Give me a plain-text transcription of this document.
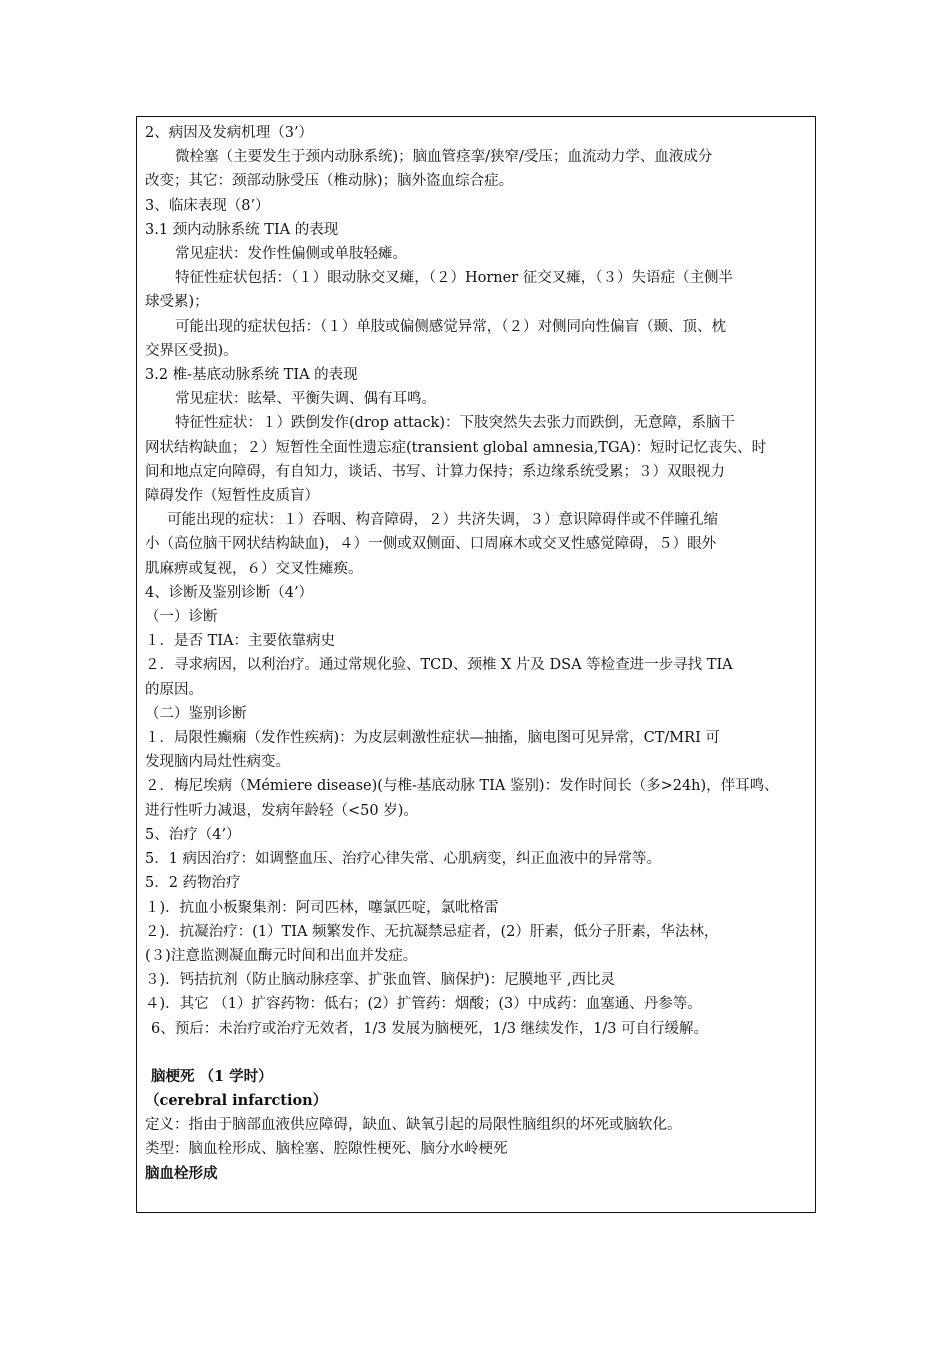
2、病因及发病机理（3’）
微栓塞（主要发生于颈内动脉系统)；脑血管痉挛/狭窄/受压；血流动力学、血液成分
改变；其它：颈部动脉受压（椎动脉)；脑外盗血综合症。
3、临床表现（8’）
3.1 颈内动脉系统 TIA 的表现
常见症状：发作性偏侧或单肢轻瘫。
特征性症状包括：（１）眼动脉交叉瘫，（２）Horner 征交叉瘫，（３）失语症（主侧半
球受累)；
可能出现的症状包括：（１）单肢或偏侧感觉异常，（２）对侧同向性偏盲（颞、顶、枕
交界区受损)。
3.2 椎-基底动脉系统 TIA 的表现
常见症状：眩晕、平衡失调、偶有耳鸣。
特征性症状：１）跌倒发作(drop attack)：下肢突然失去张力而跌倒，无意障，系脑干
网状结构缺血；２）短暂性全面性遗忘症(transient global amnesia,TGA)：短时记忆丧失、时
间和地点定向障碍，有自知力，谈话、书写、计算力保持；系边缘系统受累；３）双眼视力
障碍发作（短暂性皮质盲）
可能出现的症状：１）吞咽、构音障碍，２）共济失调，３）意识障碍伴或不伴瞳孔缩
小（高位脑干网状结构缺血)，４）一侧或双侧面、口周麻木或交叉性感觉障碍，５）眼外
肌麻痹或复视，６）交叉性瘫痪。
4、诊断及鉴别诊断（4’）
（一）诊断
１．是否 TIA：主要依靠病史
２．寻求病因，以利治疗。通过常规化验、TCD、颈椎 X 片及 DSA 等检查进一步寻找 TIA
的原因。
（二）鉴别诊断
１．局限性癫痫（发作性疾病)：为皮层刺激性症状—抽搐，脑电图可见异常，CT/MRI 可
发现脑内局灶性病变。
２．梅尼埃病（Mémiere disease)(与椎-基底动脉 TIA 鉴别)：发作时间长（多>24h)，伴耳鸣、
进行性听力减退，发病年龄轻（<50 岁)。
5、治疗（4’）
5．1 病因治疗：如调整血压、治疗心律失常、心肌病变，纠正血液中的异常等。
5．2 药物治疗
１)．抗血小板聚集剂：阿司匹林，噻氯匹啶，氯吡格雷
２)．抗凝治疗：(1）TIA 频繁发作、无抗凝禁忌症者，(2）肝素，低分子肝素，华法林，
(３)注意监测凝血酶元时间和出血并发症。
３)．钙拮抗剂（防止脑动脉痉挛、扩张血管、脑保护)：尼膜地平 ,西比灵
４)．其它 （1）扩容药物：低右；(2）扩管药：烟酸；(3）中成药：血塞通、丹参等。
6、预后：未治疗或治疗无效者，1/3 发展为脑梗死，1/3 继续发作，1/3 可自行缓解。
脑梗死 （1 学时）
（cerebral infarction）
定义：指由于脑部血液供应障碍，缺血、缺氧引起的局限性脑组织的坏死或脑软化。
类型：脑血栓形成、脑栓塞、腔隙性梗死、脑分水岭梗死
脑血栓形成
